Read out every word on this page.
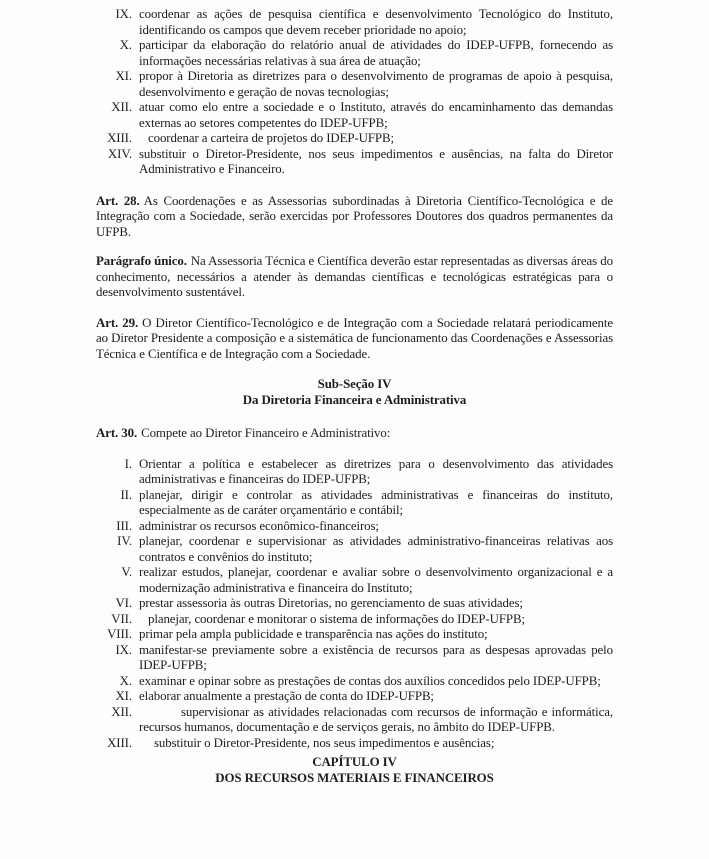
IX. coordenar as ações de pesquisa científica e desenvolvimento Tecnológico do Instituto, identificando os campos que devem receber prioridade no apoio;
X. participar da elaboração do relatório anual de atividades do IDEP-UFPB, fornecendo as informações necessárias relativas à sua área de atuação;
XI. propor à Diretoria as diretrizes para o desenvolvimento de programas de apoio à pesquisa, desenvolvimento e geração de novas tecnologias;
XII. atuar como elo entre a sociedade e o Instituto, através do encaminhamento das demandas externas ao setores competentes do IDEP-UFPB;
XIII.	coordenar a carteira de projetos do IDEP-UFPB;
XIV. substituir o Diretor-Presidente, nos seus impedimentos e ausências, na falta do Diretor Administrativo e Financeiro.

Art. 28. As Coordenações e as Assessorias subordinadas à Diretoria Científico-Tecnológica e de Integração com a Sociedade, serão exercidas por Professores Doutores dos quadros permanentes da UFPB.

Parágrafo único. Na Assessoria Técnica e Científica deverão estar representadas as diversas áreas do conhecimento, necessários a atender às demandas científicas e tecnológicas estratégicas para o desenvolvimento sustentável.

Art. 29. O Diretor Científico-Tecnológico e de Integração com a Sociedade relatará periodicamente ao Diretor Presidente a composição e a sistemática de funcionamento das Coordenações e Assessorias Técnica e Científica e de Integração com a Sociedade.

Sub-Seção IV
Da Diretoria Financeira e Administrativa

Art. 30. Compete ao Diretor Financeiro e Administrativo:

I. Orientar a política e estabelecer as diretrizes para o desenvolvimento das atividades administrativas e financeiras do IDEP-UFPB;
II. planejar, dirigir e controlar as atividades administrativas e financeiras do instituto, especialmente as de caráter orçamentário e contábil;
III. administrar os recursos econômico-financeiros;
IV. planejar, coordenar e supervisionar as atividades administrativo-financeiras relativas aos contratos e convênios do instituto;
V. realizar estudos, planejar, coordenar e avaliar sobre o desenvolvimento organizacional e a modernização administrativa e financeira do Instituto;
VI. prestar assessoria às outras Diretorias, no gerenciamento de suas atividades;
VII.	planejar, coordenar e monitorar o sistema de informações do IDEP-UFPB;
VIII. primar pela ampla publicidade e transparência nas ações do instituto;
IX. manifestar-se previamente sobre a existência de recursos para as despesas aprovadas pelo IDEP-UFPB;
X. examinar e opinar sobre as prestações de contas dos auxílios concedidos pelo IDEP-UFPB;
XI. elaborar anualmente a prestação de conta do IDEP-UFPB;
XII.	supervisionar as atividades relacionadas com recursos de informação e informática, recursos humanos, documentação e de serviços gerais, no âmbito do IDEP-UFPB.
XIII.	substituir o Diretor-Presidente, nos seus impedimentos e ausências;
CAPÍTULO IV
DOS RECURSOS MATERIAIS E FINANCEIROS
